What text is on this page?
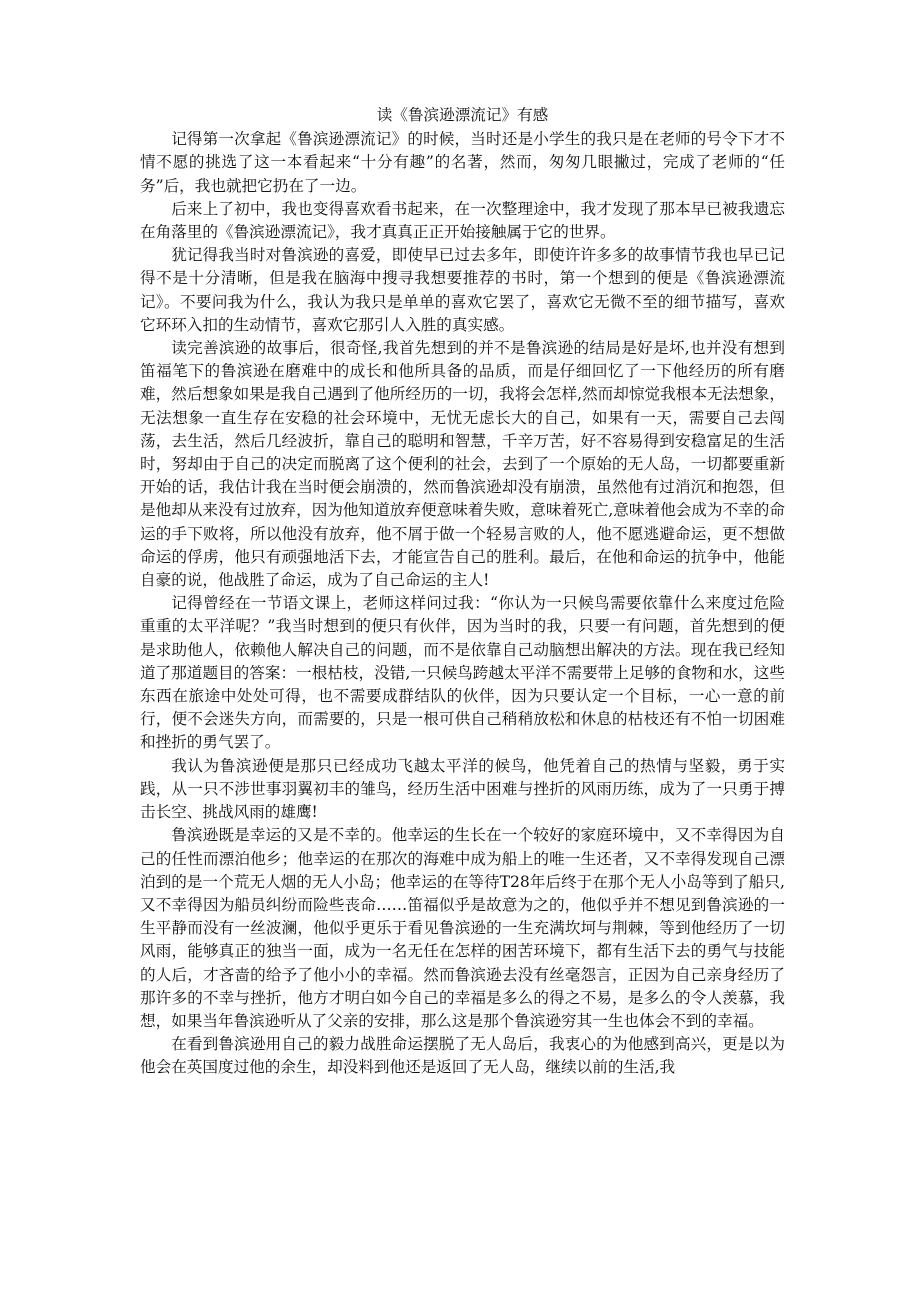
读《鲁滨逊漂流记》有感

记得第一次拿起《鲁滨逊漂流记》的时候，当时还是小学生的我只是在老师的号令下才不情不愿的挑选了这一本看起来“十分有趣”的名著，然而，匆匆几眼撇过，完成了老师的“任务”后，我也就把它扔在了一边。

后来上了初中，我也变得喜欢看书起来，在一次整理途中，我才发现了那本早已被我遗忘在角落里的《鲁滨逊漂流记》，我才真真正正开始接触属于它的世界。

犹记得我当时对鲁滨逊的喜爱，即使早已过去多年，即使许许多多的故事情节我也早已记得不是十分清晰，但是我在脑海中搜寻我想要推荐的书时，第一个想到的便是《鲁滨逊漂流记》。不要问我为什么，我认为我只是单单的喜欢它罢了，喜欢它无微不至的细节描写，喜欢它环环入扣的生动情节，喜欢它那引人入胜的真实感。

读完善滨逊的故事后，很奇怪,我首先想到的并不是鲁滨逊的结局是好是坏,也并没有想到笛福笔下的鲁滨逊在磨难中的成长和他所具备的品质，而是仔细回忆了一下他经历的所有磨难，然后想象如果是我自己遇到了他所经历的一切，我将会怎样,然而却惊觉我根本无法想象，无法想象一直生存在安稳的社会环境中，无忧无虑长大的自己，如果有一天，需要自己去闯荡，去生活，然后几经波折，靠自己的聪明和智慧，千辛万苦，好不容易得到安稳富足的生活时，努却由于自己的决定而脱离了这个便利的社会，去到了一个原始的无人岛，一切都要重新开始的话，我估计我在当时便会崩溃的，然而鲁滨逊却没有崩溃，虽然他有过消沉和抱怨，但是他却从来没有过放弃，因为他知道放弃便意味着失败，意味着死亡,意味着他会成为不幸的命运的手下败将，所以他没有放弃，他不屑于做一个轻易言败的人，他不愿逃避命运，更不想做命运的俘虏，他只有顽强地活下去，才能宣告自己的胜利。最后，在他和命运的抗争中，他能自豪的说，他战胜了命运，成为了自己命运的主人!

记得曾经在一节语文课上，老师这样问过我：“你认为一只候鸟需要依靠什么来度过危险重重的太平洋呢？”我当时想到的便只有伙伴，因为当时的我，只要一有问题，首先想到的便是求助他人，依赖他人解决自己的问题，而不是依靠自己动脑想出解决的方法。现在我已经知道了那道题目的答案：一根枯枝，没错,一只候鸟跨越太平洋不需要带上足够的食物和水，这些东西在旅途中处处可得，也不需要成群结队的伙伴，因为只要认定一个目标，一心一意的前行，便不会迷失方向，而需要的，只是一根可供自己稍稍放松和休息的枯枝还有不怕一切困难和挫折的勇气罢了。

我认为鲁滨逊便是那只已经成功飞越太平洋的候鸟，他凭着自己的热情与坚毅，勇于实践，从一只不涉世事羽翼初丰的雏鸟，经历生活中困难与挫折的风雨历练，成为了一只勇于搏击长空、挑战风雨的雄鹰!

鲁滨逊既是幸运的又是不幸的。他幸运的生长在一个较好的家庭环境中，又不幸得因为自己的任性而漂泊他乡；他幸运的在那次的海难中成为船上的唯一生还者，又不幸得发现自己漂泊到的是一个荒无人烟的无人小岛；他幸运的在等待T28年后终于在那个无人小岛等到了船只,又不幸得因为船员纠纷而险些丧命……笛福似乎是故意为之的，他似乎并不想见到鲁滨逊的一生平静而没有一丝波澜，他似乎更乐于看见鲁滨逊的一生充满坎坷与荆棘，等到他经历了一切风雨，能够真正的独当一面，成为一名无任在怎样的困苦环境下，都有生活下去的勇气与技能的人后，才吝啬的给予了他小小的幸福。然而鲁滨逊去没有丝毫怨言，正因为自己亲身经历了那许多的不幸与挫折，他方才明白如今自己的幸福是多么的得之不易，是多么的令人羡慕，我想，如果当年鲁滨逊听从了父亲的安排，那么这是那个鲁滨逊穷其一生也体会不到的幸福。

在看到鲁滨逊用自己的毅力战胜命运摆脱了无人岛后，我衷心的为他感到高兴，更是以为他会在英国度过他的余生，却没料到他还是返回了无人岛，继续以前的生活,我
